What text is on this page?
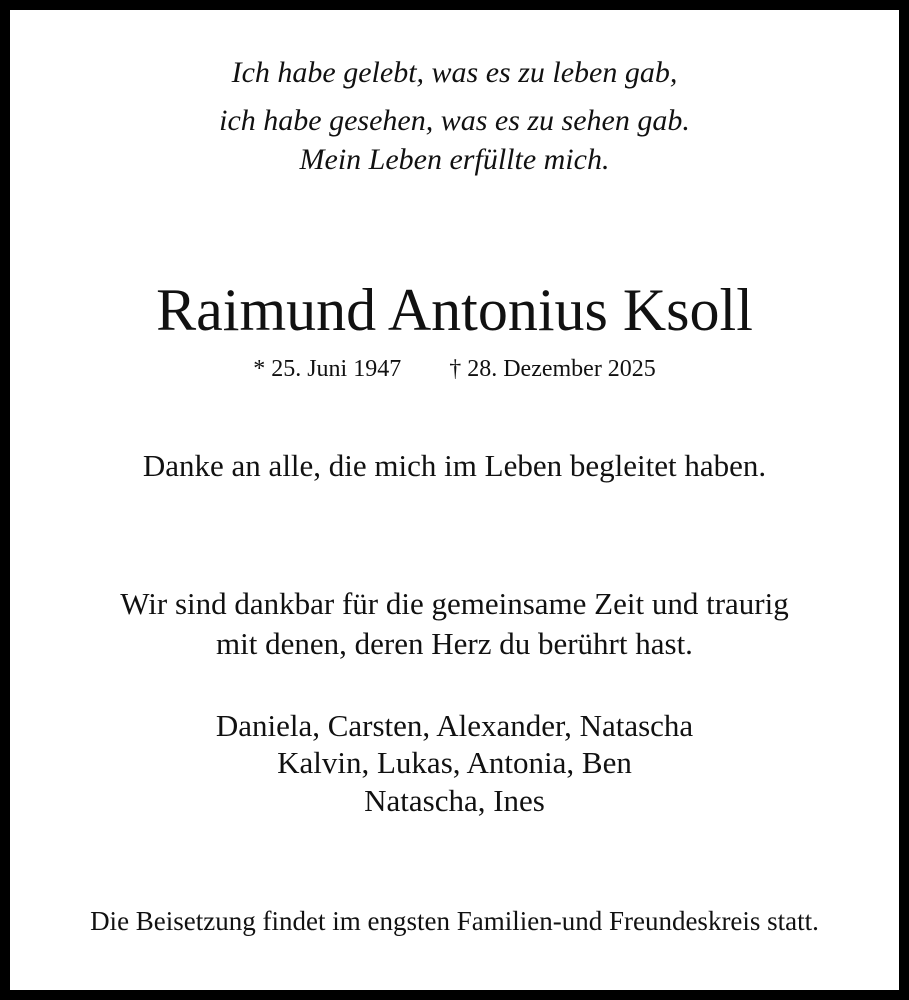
Ich habe gelebt, was es zu leben gab,
ich habe gesehen, was es zu sehen gab.
Mein Leben erfüllte mich.
Raimund Antonius Ksoll
* 25. Juni 1947 † 28. Dezember 2025
Danke an alle, die mich im Leben begleitet haben.
Wir sind dankbar für die gemeinsame Zeit und traurig
mit denen, deren Herz du berührt hast.
Daniela, Carsten, Alexander, Natascha
Kalvin, Lukas, Antonia, Ben
Natascha, Ines
Die Beisetzung findet im engsten Familien-und Freundeskreis statt.
